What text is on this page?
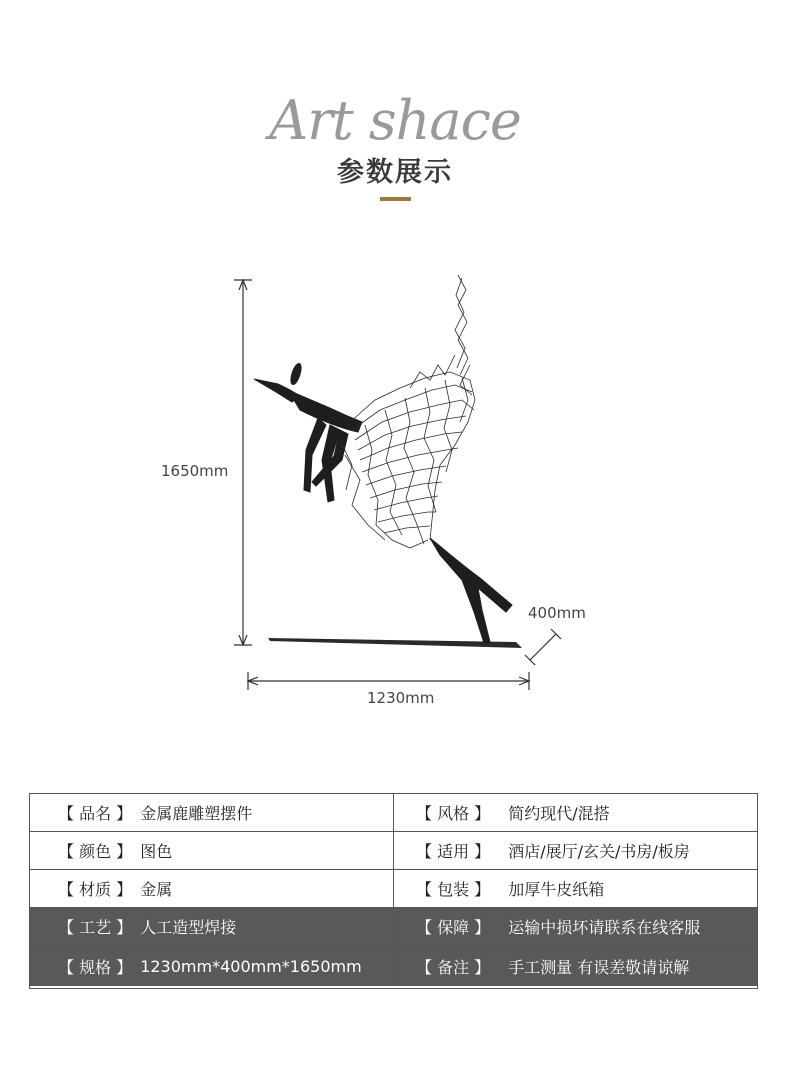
Art shace
参数展示
1650mm
1230mm
400mm
【 品名 】 金属鹿雕塑摆件	【 风格 】 简约现代/混搭
【 颜色 】 图色	【 适用 】 酒店/展厅/玄关/书房/板房
【 材质 】 金属	【 包装 】 加厚牛皮纸箱
【 工艺 】 人工造型焊接	【 保障 】 运输中损坏请联系在线客服
【 规格 】 1230mm*400mm*1650mm	【 备注 】 手工测量 有误差敬请谅解
